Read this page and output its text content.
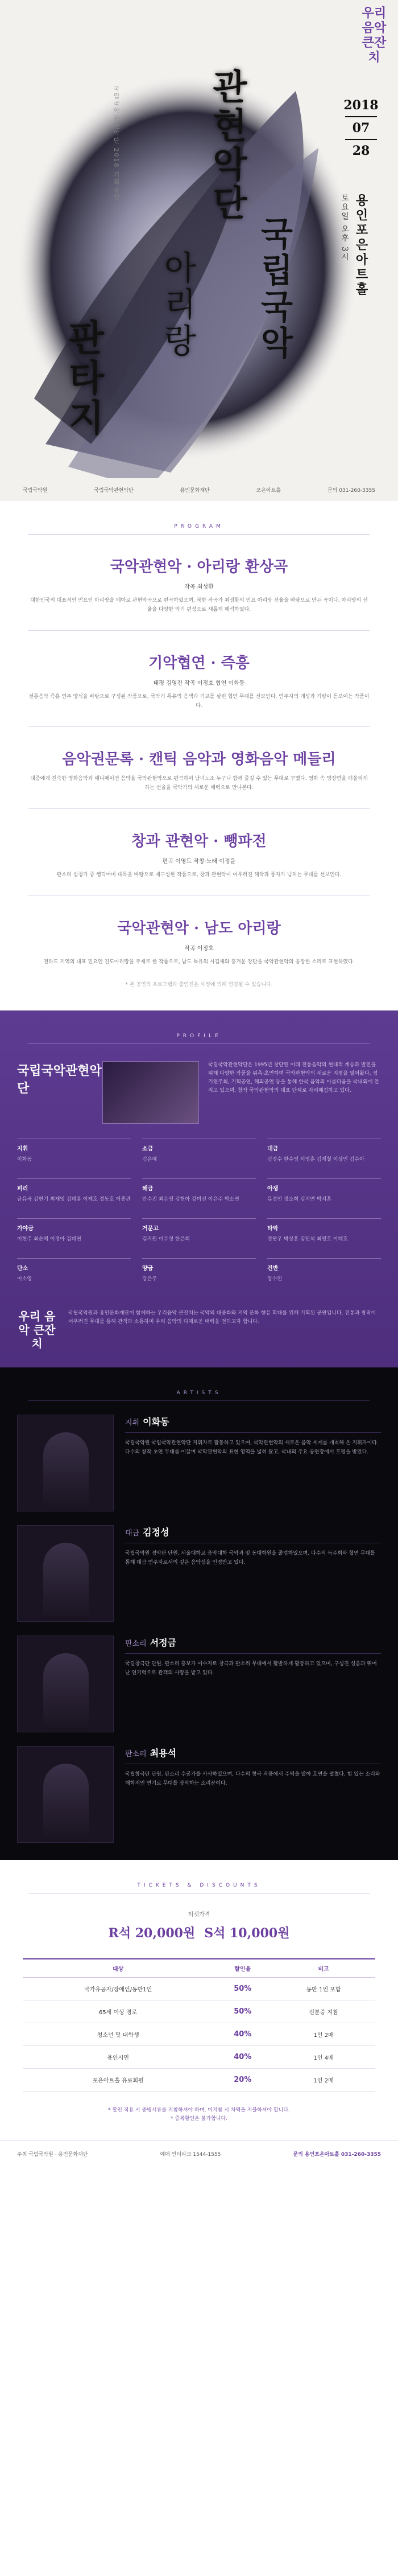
우리 음악 큰잔치
관현악단
국립국악
아리랑
판타지
국립국악관현악단 2018 기획공연	2018
07
28
토요일 오후 3시 용인포은아트홀
국립국악원	국립국악관현악단	용인문화재단	포은아트홀	문의 031-260-3355
PROGRAM
국악관현악 · 아리랑 환상곡
작곡 최성환
대한민국의 대표적인 민요인 아리랑을 테마로 관현악곡으로 편곡하였으며, 북한 작곡가 최성환의 민요 아리랑 선율을 바탕으로 만든 곡이다. 아리랑의 선율을 다양한 악기 편성으로 새롭게 해석하였다.
기악협연 · 즉흥
태평 김영진 작곡 이정호 협연 이화동
전통음악 즉흥 연주 양식을 바탕으로 구성된 작품으로, 국악기 특유의 음색과 기교를 살린 협연 무대를 선보인다. 연주자의 개성과 기량이 돋보이는 작품이다.
음악권문록 · 캔틱 음악과 영화음악 메들리
대중에게 친숙한 영화음악과 애니메이션 음악을 국악관현악으로 편곡하여 남녀노소 누구나 함께 즐길 수 있는 무대로 꾸몄다. 영화 속 명장면을 떠올리게 하는 선율을 국악기의 새로운 매력으로 만나본다.
창과 관현악 · 뺑파전
편곡 이영도 작창·노래 이정을
판소리 심청가 중 뺑덕어미 대목을 바탕으로 재구성한 작품으로, 창과 관현악이 어우러진 해학과 풍자가 넘치는 무대를 선보인다.
국악관현악 · 남도 아리랑
작곡 이정호
전라도 지역의 대표 민요인 진도아리랑을 주제로 한 작품으로, 남도 특유의 시김새와 흥겨운 장단을 국악관현악의 웅장한 소리로 표현하였다.
* 본 공연의 프로그램과 출연진은 사정에 의해 변경될 수 있습니다.
PROFILE
국립국악관현악단
국립국악관현악단은 1995년 창단된 이래 전통음악의 현대적 계승과 발전을 위해 다양한 작품을 위촉·초연하며 국악관현악의 새로운 지평을 열어왔다. 정기연주회, 기획공연, 해외공연 등을 통해 한국 음악의 아름다움을 국내외에 알리고 있으며, 창작 국악관현악의 대표 단체로 자리매김하고 있다.
지휘
이화동
소금
김은혜
대금
김정수 한수영 이명훈 김재철 이상인 김수아
피리
금유곡 김현기 최재영 김태용 이재호 정동호 이종관
해금
안수진 최은영 김현아 강미선 이은주 박소연
아쟁
유정민 정소희 김지연 박지훈
가야금
이현주 최순혜 이정아 김태연
거문고
김지원 이수정 한은희
타악
정연우 박상훈 김민석 최영호 이태호
단소
이소영
양금
강은주
건반
장수민
우리 음악 큰잔치
국립국악원과 용인문화재단이 함께하는 우리음악 큰잔치는 국악의 대중화와 지역 문화 향유 확대를 위해 기획된 공연입니다. 전통과 창작이 어우러진 무대를 통해 관객과 소통하며 우리 음악의 다채로운 매력을 전하고자 합니다.
ARTISTS
지휘 이화동
국립국악원 국립국악관현악단 지휘자로 활동하고 있으며, 국악관현악의 새로운 음악 세계를 개척해 온 지휘자이다. 다수의 창작 초연 무대를 이끌며 국악관현악의 표현 영역을 넓혀 왔고, 국내외 주요 공연장에서 호평을 받았다.
대금 김정성
국립국악원 정악단 단원. 서울대학교 음악대학 국악과 및 동대학원을 졸업하였으며, 다수의 독주회와 협연 무대를 통해 대금 연주자로서의 깊은 음악성을 인정받고 있다.
판소리 서정금
국립창극단 단원. 판소리 흥보가 이수자로 창극과 판소리 무대에서 활발하게 활동하고 있으며, 구성진 성음과 뛰어난 연기력으로 관객의 사랑을 받고 있다.
판소리 최용석
국립창극단 단원. 판소리 수궁가를 사사하였으며, 다수의 창극 작품에서 주역을 맡아 호연을 펼쳤다. 힘 있는 소리와 해학적인 연기로 무대를 장악하는 소리꾼이다.
TICKETS & DISCOUNTS
티켓가격
R석 20,000원 S석 10,000원
대상	할인율	비고
국가유공자/장애인/동반1인	50%	동반 1인 포함
65세 이상 경로	50%	신분증 지참
청소년 및 대학생	40%	1인 2매
용인시민	40%	1인 4매
포은아트홀 유료회원	20%	1인 2매
* 할인 적용 시 증빙서류를 지참하셔야 하며, 미지참 시 차액을 지불하셔야 합니다.
* 중복할인은 불가합니다.
주최 국립국악원 · 용인문화재단	예매 인터파크 1544-1555	문의 용인포은아트홀 031-260-3355
